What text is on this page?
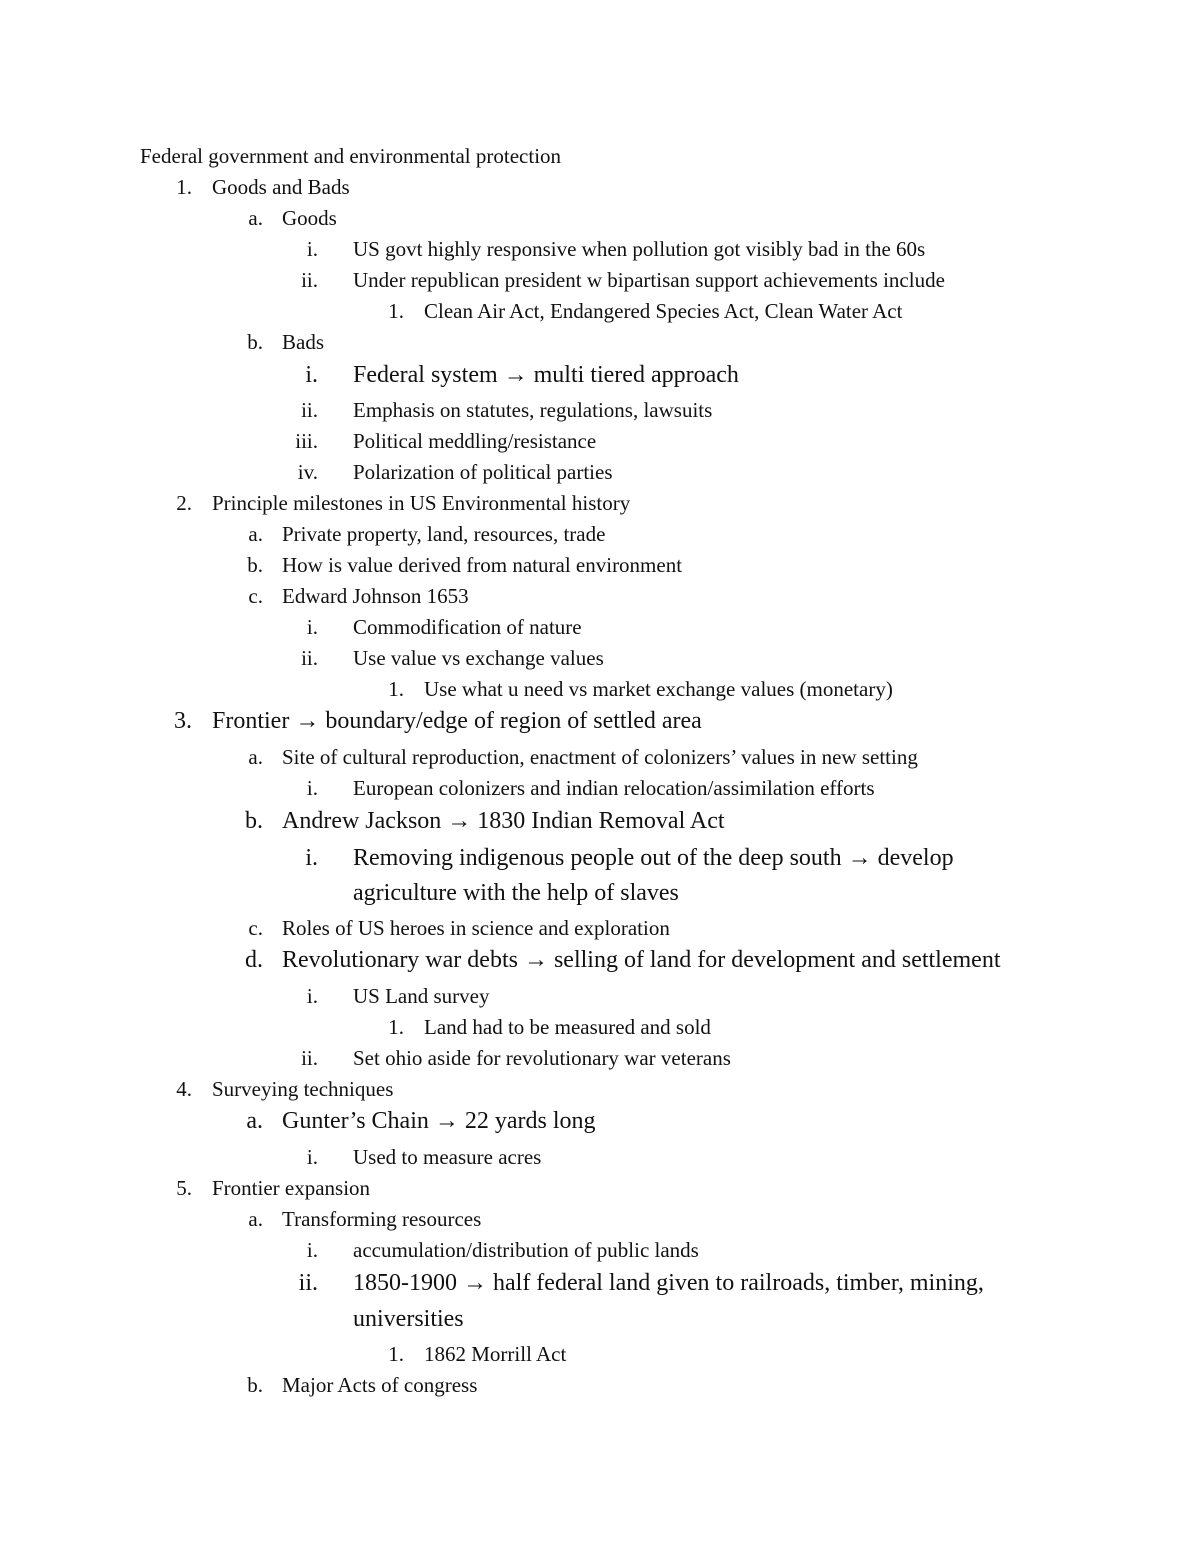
Federal government and environmental protection
1. Goods and Bads
a. Goods
i. US govt highly responsive when pollution got visibly bad in the 60s
ii. Under republican president w bipartisan support achievements include
1. Clean Air Act, Endangered Species Act, Clean Water Act
b. Bads
i. Federal system → multi tiered approach
ii. Emphasis on statutes, regulations, lawsuits
iii. Political meddling/resistance
iv. Polarization of political parties
2. Principle milestones in US Environmental history
a. Private property, land, resources, trade
b. How is value derived from natural environment
c. Edward Johnson 1653
i. Commodification of nature
ii. Use value vs exchange values
1. Use what u need vs market exchange values (monetary)
3. Frontier → boundary/edge of region of settled area
a. Site of cultural reproduction, enactment of colonizers’ values in new setting
i. European colonizers and indian relocation/assimilation efforts
b. Andrew Jackson → 1830 Indian Removal Act
i. Removing indigenous people out of the deep south → develop
agriculture with the help of slaves
c. Roles of US heroes in science and exploration
d. Revolutionary war debts → selling of land for development and settlement
i. US Land survey
1. Land had to be measured and sold
ii. Set ohio aside for revolutionary war veterans
4. Surveying techniques
a. Gunter’s Chain → 22 yards long
i. Used to measure acres
5. Frontier expansion
a. Transforming resources
i. accumulation/distribution of public lands
ii. 1850-1900 → half federal land given to railroads, timber, mining,
universities
1. 1862 Morrill Act
b. Major Acts of congress
